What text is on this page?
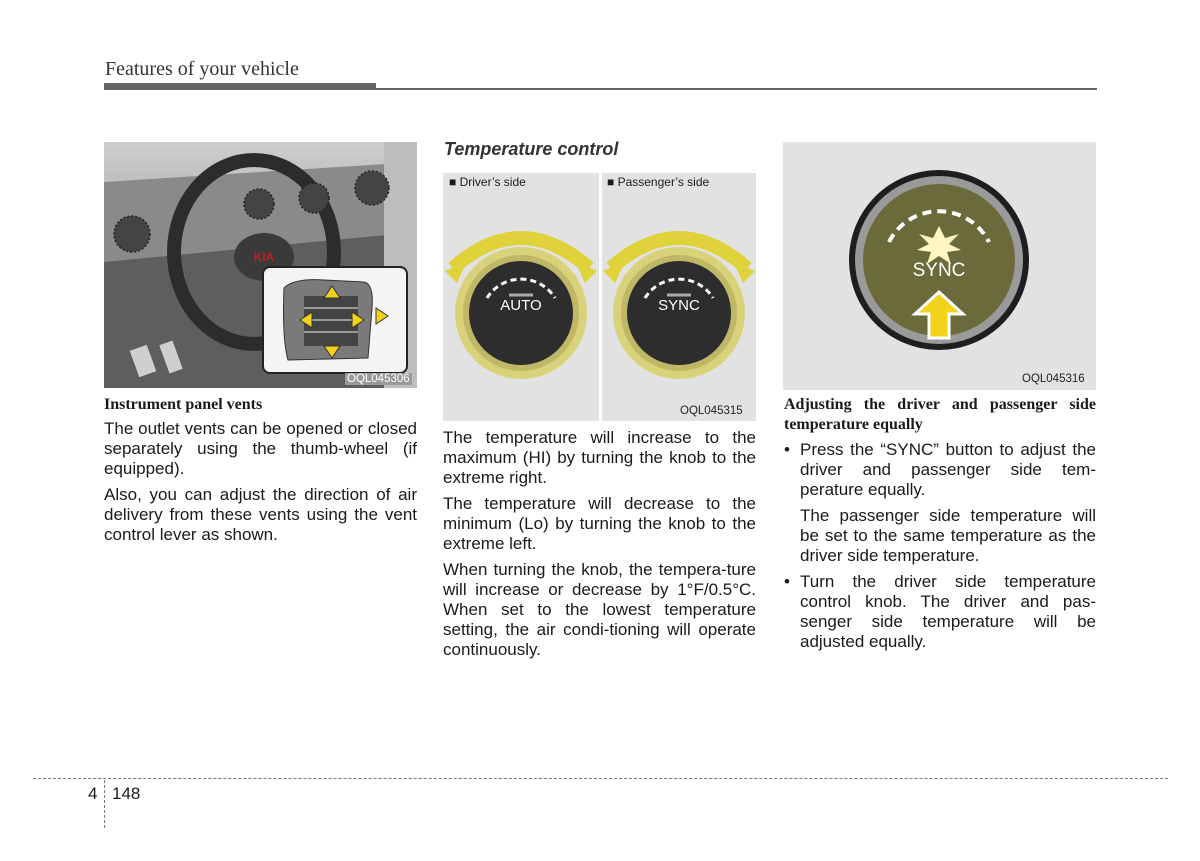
Features of your vehicle
KIA
OQL045306
Instrument panel vents

The outlet vents can be opened or closed separately using the thumb-wheel (if equipped).

Also, you can adjust the direction of air delivery from these vents using the vent control lever as shown.

Temperature control
■ Driver’s side	■ Passenger’s side
AUTO	SYNC
OQL045315

The temperature will increase to the maximum (HI) by turning the knob to the extreme right.

The temperature will decrease to the minimum (Lo) by turning the knob to the extreme left.

When turning the knob, the tempera-ture will increase or decrease by 1°F/0.5°C. When set to the lowest temperature setting, the air condi-tioning will operate continuously.

SYNC
OQL045316
Adjusting the driver and passenger side temperature equally
• Press the “SYNC” button to adjust the driver and passenger side tem-perature equally.

The passenger side temperature will be set to the same temperature as the driver side temperature.

• Turn the driver side temperature control knob. The driver and pas-senger side temperature will be adjusted equally.

4 148
